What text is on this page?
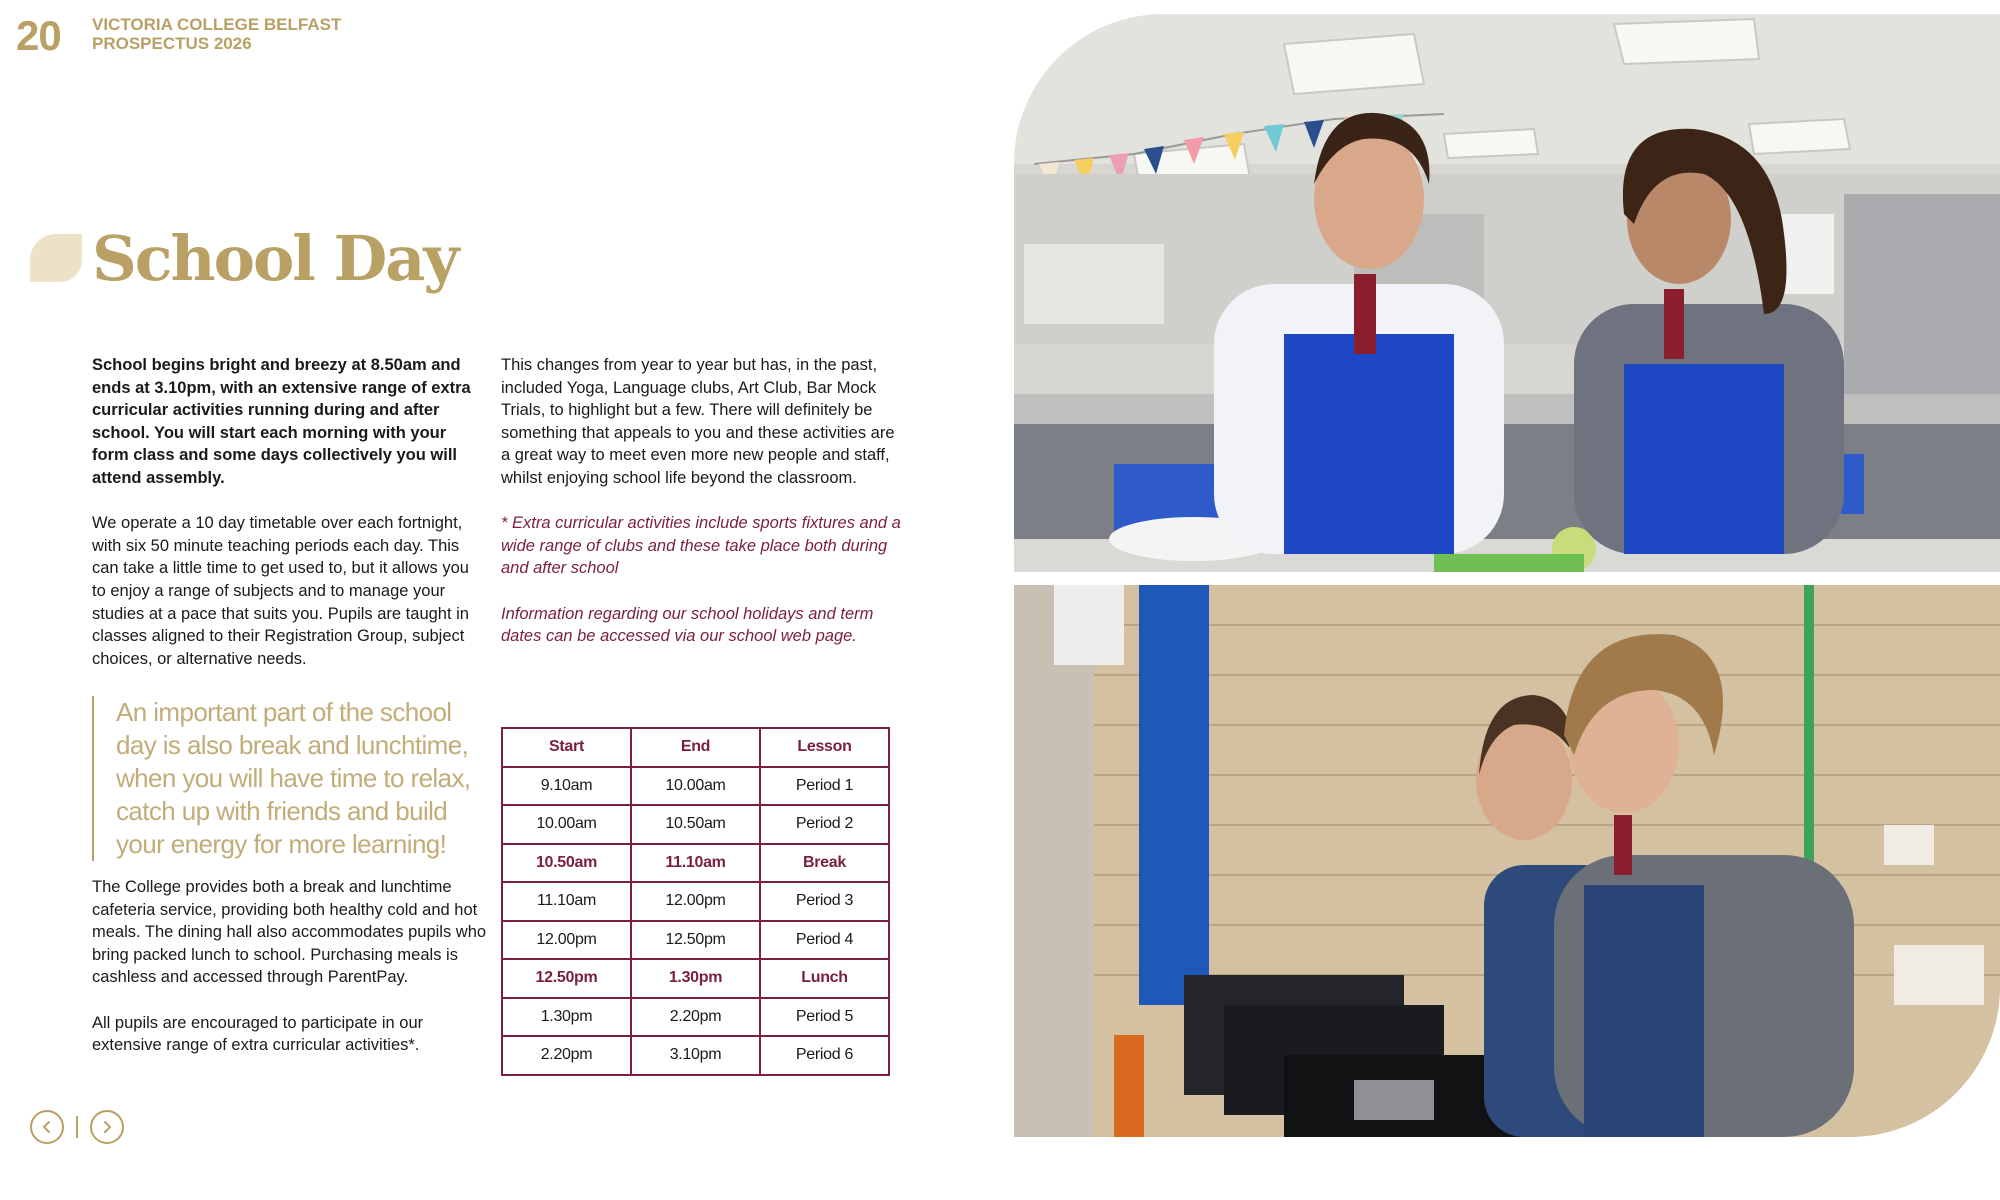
20 VICTORIA COLLEGE BELFAST
PROSPECTUS 2026
School Day

School begins bright and breezy at 8.50am and ends at 3.10pm, with an extensive range of extra curricular activities running during and after school. You will start each morning with your form class and some days collectively you will attend assembly.

We operate a 10 day timetable over each fortnight, with six 50 minute teaching periods each day. This can take a little time to get used to, but it allows you to enjoy a range of subjects and to manage your studies at a pace that suits you. Pupils are taught in classes aligned to their Registration Group, subject choices, or alternative needs.

An important part of the school day is also break and lunchtime, when you will have time to relax, catch up with friends and build your energy for more learning!

The College provides both a break and lunchtime cafeteria service, providing both healthy cold and hot meals. The dining hall also accommodates pupils who bring packed lunch to school. Purchasing meals is cashless and accessed through ParentPay.

All pupils are encouraged to participate in our extensive range of extra curricular activities*.

This changes from year to year but has, in the past, included Yoga, Language clubs, Art Club, Bar Mock Trials, to highlight but a few. There will definitely be something that appeals to you and these activities are a great way to meet even more new people and staff, whilst enjoying school life beyond the classroom.

* Extra curricular activities include sports fixtures and a wide range of clubs and these take place both during and after school

Information regarding our school holidays and term dates can be accessed via our school web page.

Start	End	Lesson
9.10am	10.00am	Period 1
10.00am	10.50am	Period 2
10.50am	11.10am	Break
11.10am	12.00pm	Period 3
12.00pm	12.50pm	Period 4
12.50pm	1.30pm	Lunch
1.30pm	2.20pm	Period 5
2.20pm	3.10pm	Period 6
